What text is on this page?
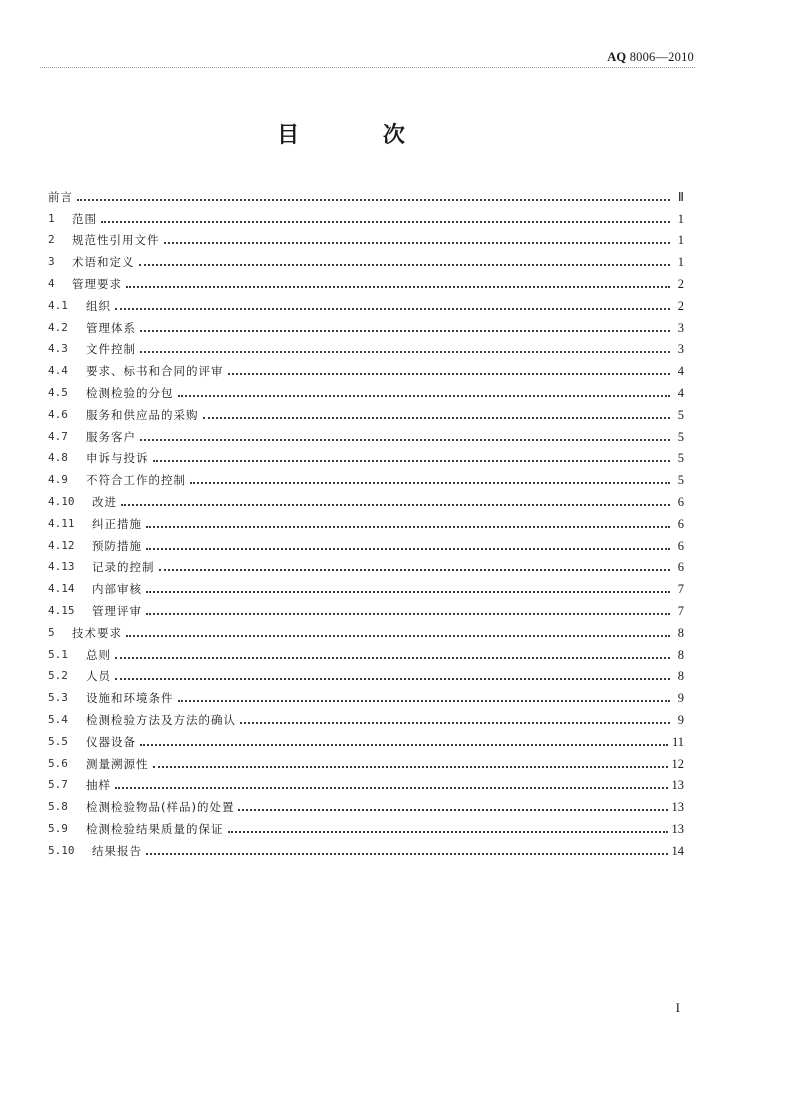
AQ 8006—2010
目 次
前言	Ⅱ
1	范围	1
2	规范性引用文件	1
3	术语和定义	1
4	管理要求	2
4.1	组织	2
4.2	管理体系	3
4.3	文件控制	3
4.4	要求、标书和合同的评审	4
4.5	检测检验的分包	4
4.6	服务和供应品的采购	5
4.7	服务客户	5
4.8	申诉与投诉	5
4.9	不符合工作的控制	5
4.10	改进	6
4.11	纠正措施	6
4.12	预防措施	6
4.13	记录的控制	6
4.14	内部审核	7
4.15	管理评审	7
5	技术要求	8
5.1	总则	8
5.2	人员	8
5.3	设施和环境条件	9
5.4	检测检验方法及方法的确认	9
5.5	仪器设备	11
5.6	测量溯源性	12
5.7	抽样	13
5.8	检测检验物品(样品)的处置	13
5.9	检测检验结果质量的保证	13
5.10	结果报告	14
I
